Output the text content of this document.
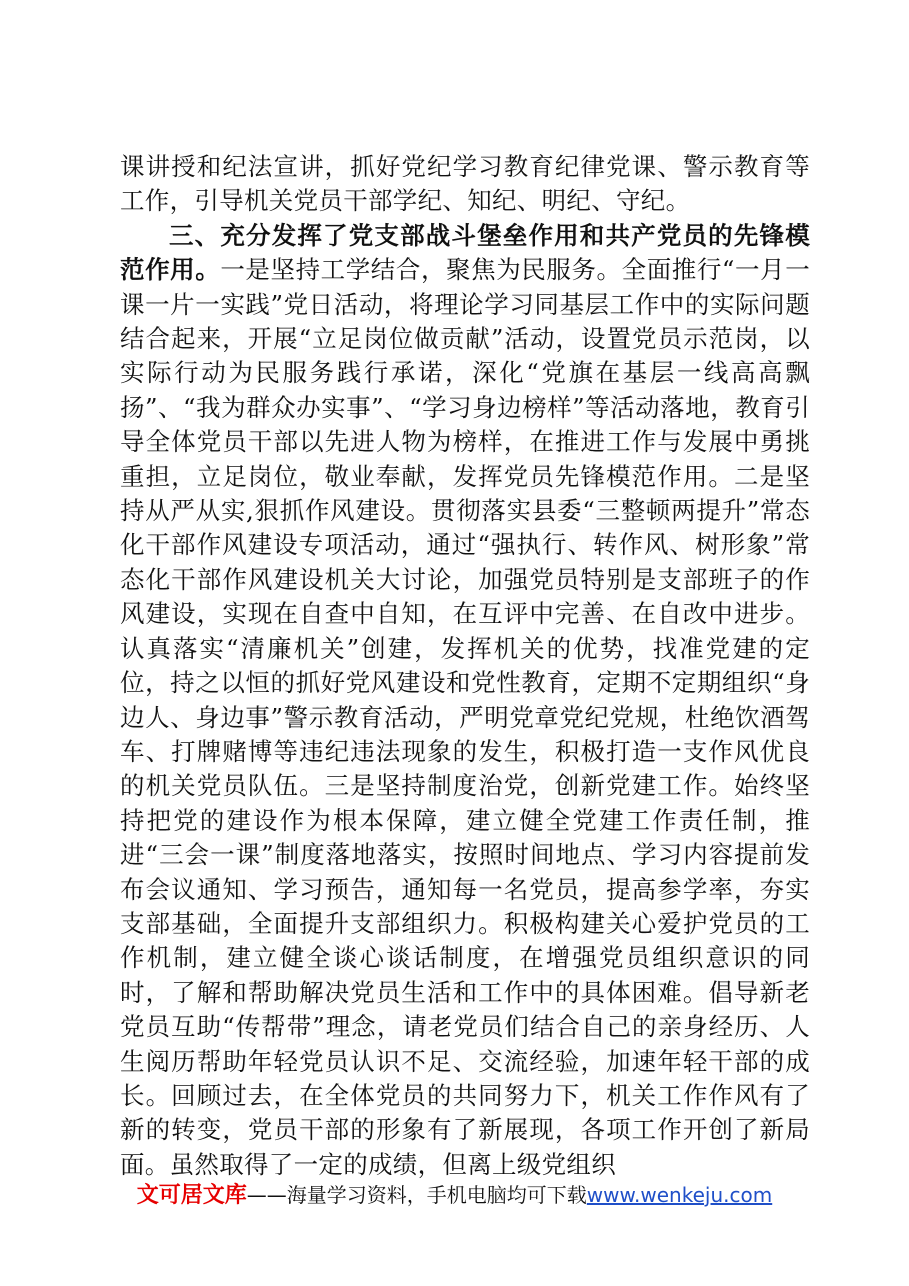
课讲授和纪法宣讲，抓好党纪学习教育纪律党课、警示教育等工作，引导机关党员干部学纪、知纪、明纪、守纪。

三、充分发挥了党支部战斗堡垒作用和共产党员的先锋模范作用。一是坚持工学结合，聚焦为民服务。全面推行“一月一课一片一实践”党日活动，将理论学习同基层工作中的实际问题结合起来，开展“立足岗位做贡献”活动，设置党员示范岗，以实际行动为民服务践行承诺，深化“党旗在基层一线高高飘扬”、“我为群众办实事”、“学习身边榜样”等活动落地，教育引导全体党员干部以先进人物为榜样，在推进工作与发展中勇挑重担，立足岗位，敬业奉献，发挥党员先锋模范作用。二是坚持从严从实,狠抓作风建设。贯彻落实县委“三整顿两提升”常态化干部作风建设专项活动，通过“强执行、转作风、树形象”常态化干部作风建设机关大讨论，加强党员特别是支部班子的作风建设，实现在自查中自知，在互评中完善、在自改中进步。认真落实“清廉机关”创建，发挥机关的优势，找准党建的定位，持之以恒的抓好党风建设和党性教育，定期不定期组织“身边人、身边事”警示教育活动，严明党章党纪党规，杜绝饮酒驾车、打牌赌博等违纪违法现象的发生，积极打造一支作风优良的机关党员队伍。三是坚持制度治党，创新党建工作。始终坚持把党的建设作为根本保障，建立健全党建工作责任制，推进“三会一课”制度落地落实，按照时间地点、学习内容提前发布会议通知、学习预告，通知每一名党员，提高参学率，夯实支部基础，全面提升支部组织力。积极构建关心爱护党员的工作机制，建立健全谈心谈话制度，在增强党员组织意识的同时，了解和帮助解决党员生活和工作中的具体困难。倡导新老党员互助“传帮带”理念，请老党员们结合自己的亲身经历、人生阅历帮助年轻党员认识不足、交流经验，加速年轻干部的成长。回顾过去，在全体党员的共同努力下，机关工作作风有了新的转变，党员干部的形象有了新展现，各项工作开创了新局面。虽然取得了一定的成绩，但离上级党组织

文可居文库——海量学习资料，手机电脑均可下载www.wenkeju.com
